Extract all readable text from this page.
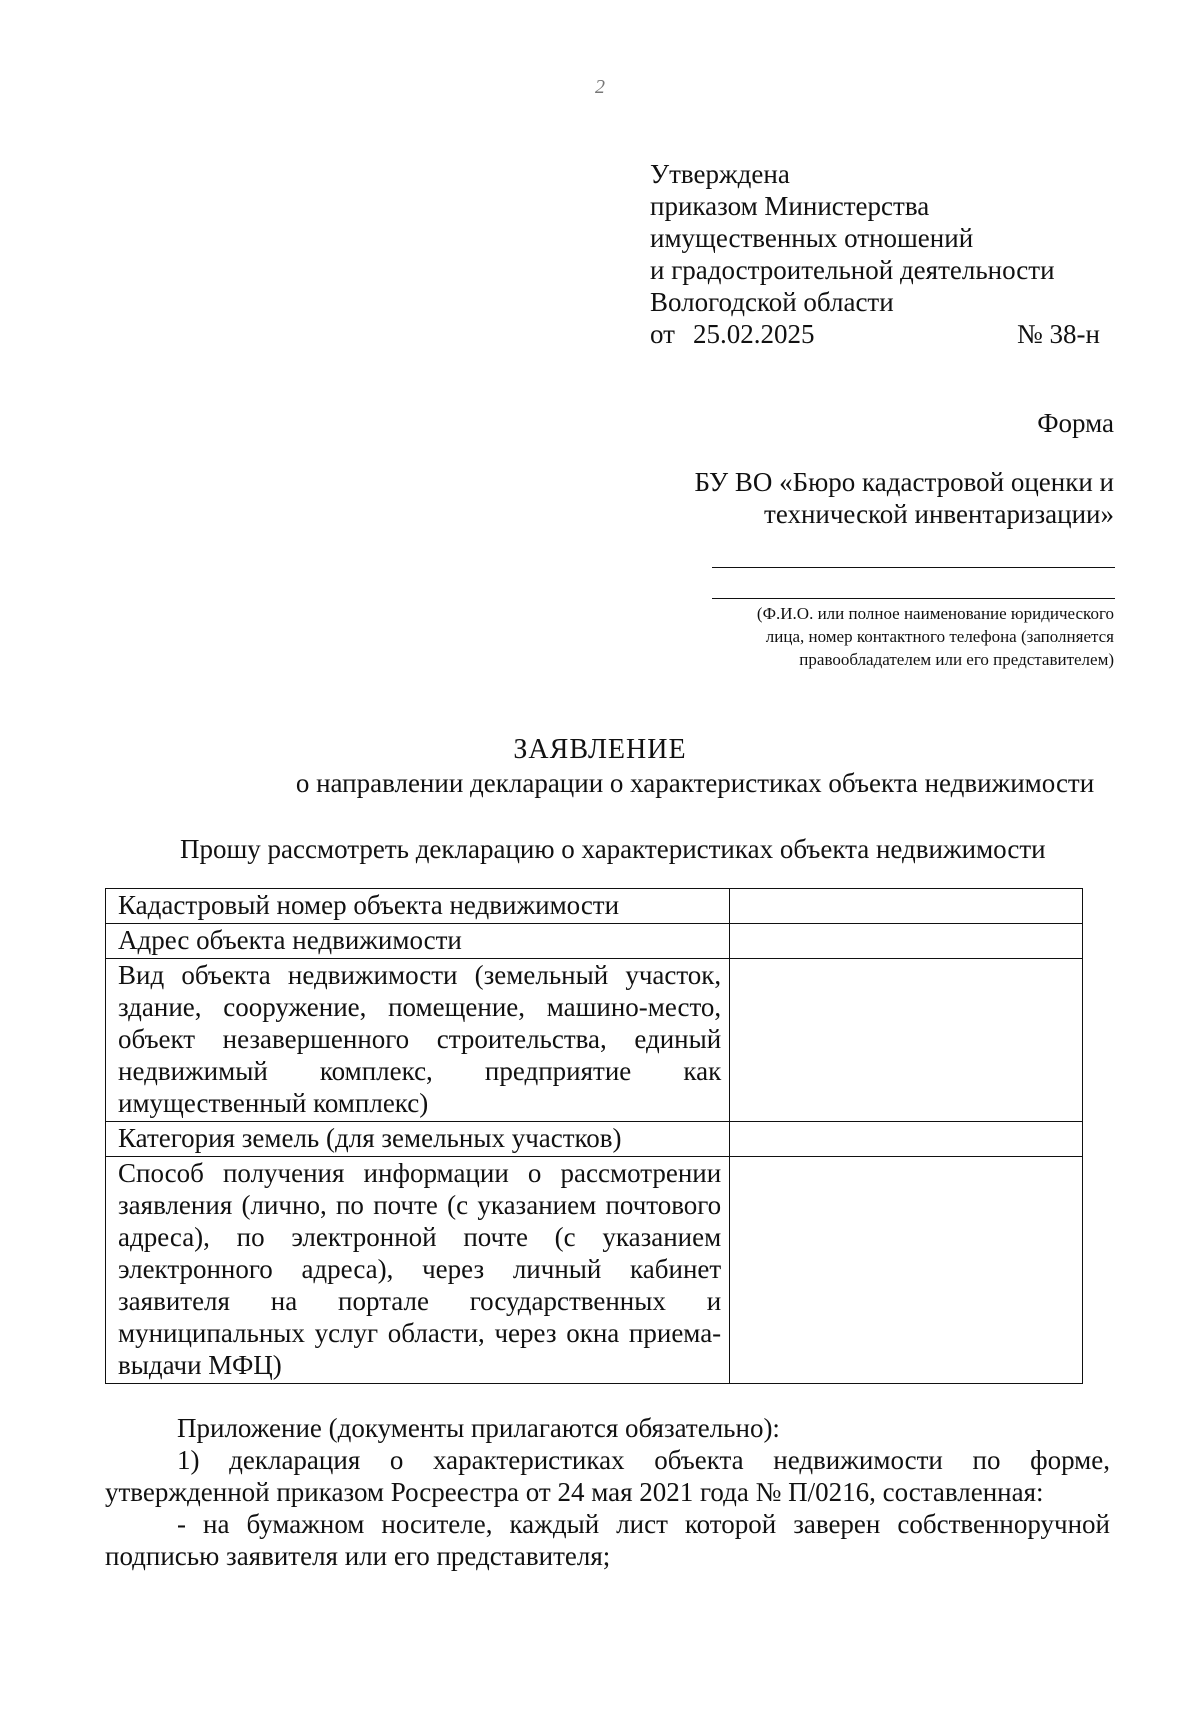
2
Утверждена
приказом Министерства
имущественных отношений
и градостроительной деятельности
Вологодской области
от 25.02.2025	№ 38-н
Форма
БУ ВО «Бюро кадастровой оценки и
технической инвентаризации»
(Ф.И.О. или полное наименование юридического
лица, номер контактного телефона (заполняется
правообладателем или его представителем)
ЗАЯВЛЕНИЕ
о направлении декларации о характеристиках объекта недвижимости
Прошу рассмотреть декларацию о характеристиках объекта недвижимости
Кадастровый номер объекта недвижимости	
Адрес объекта недвижимости	
Вид объекта недвижимости (земельный участок, здание, сооружение, помещение, машино-место, объект незавершенного строительства, единый недвижимый комплекс, предприятие как имущественный комплекс)	
Категория земель (для земельных участков)	
Способ получения информации о рассмотрении заявления (лично, по почте (с указанием почтового адреса), по электронной почте (с указанием электронного адреса), через личный кабинет заявителя на портале государственных и муниципальных услуг области, через окна приема-выдачи МФЦ)	

Приложение (документы прилагаются обязательно):

1) декларация о характеристиках объекта недвижимости по форме, утвержденной приказом Росреестра от 24 мая 2021 года № П/0216, составленная:

- на бумажном носителе, каждый лист которой заверен собственноручной подписью заявителя или его представителя;
